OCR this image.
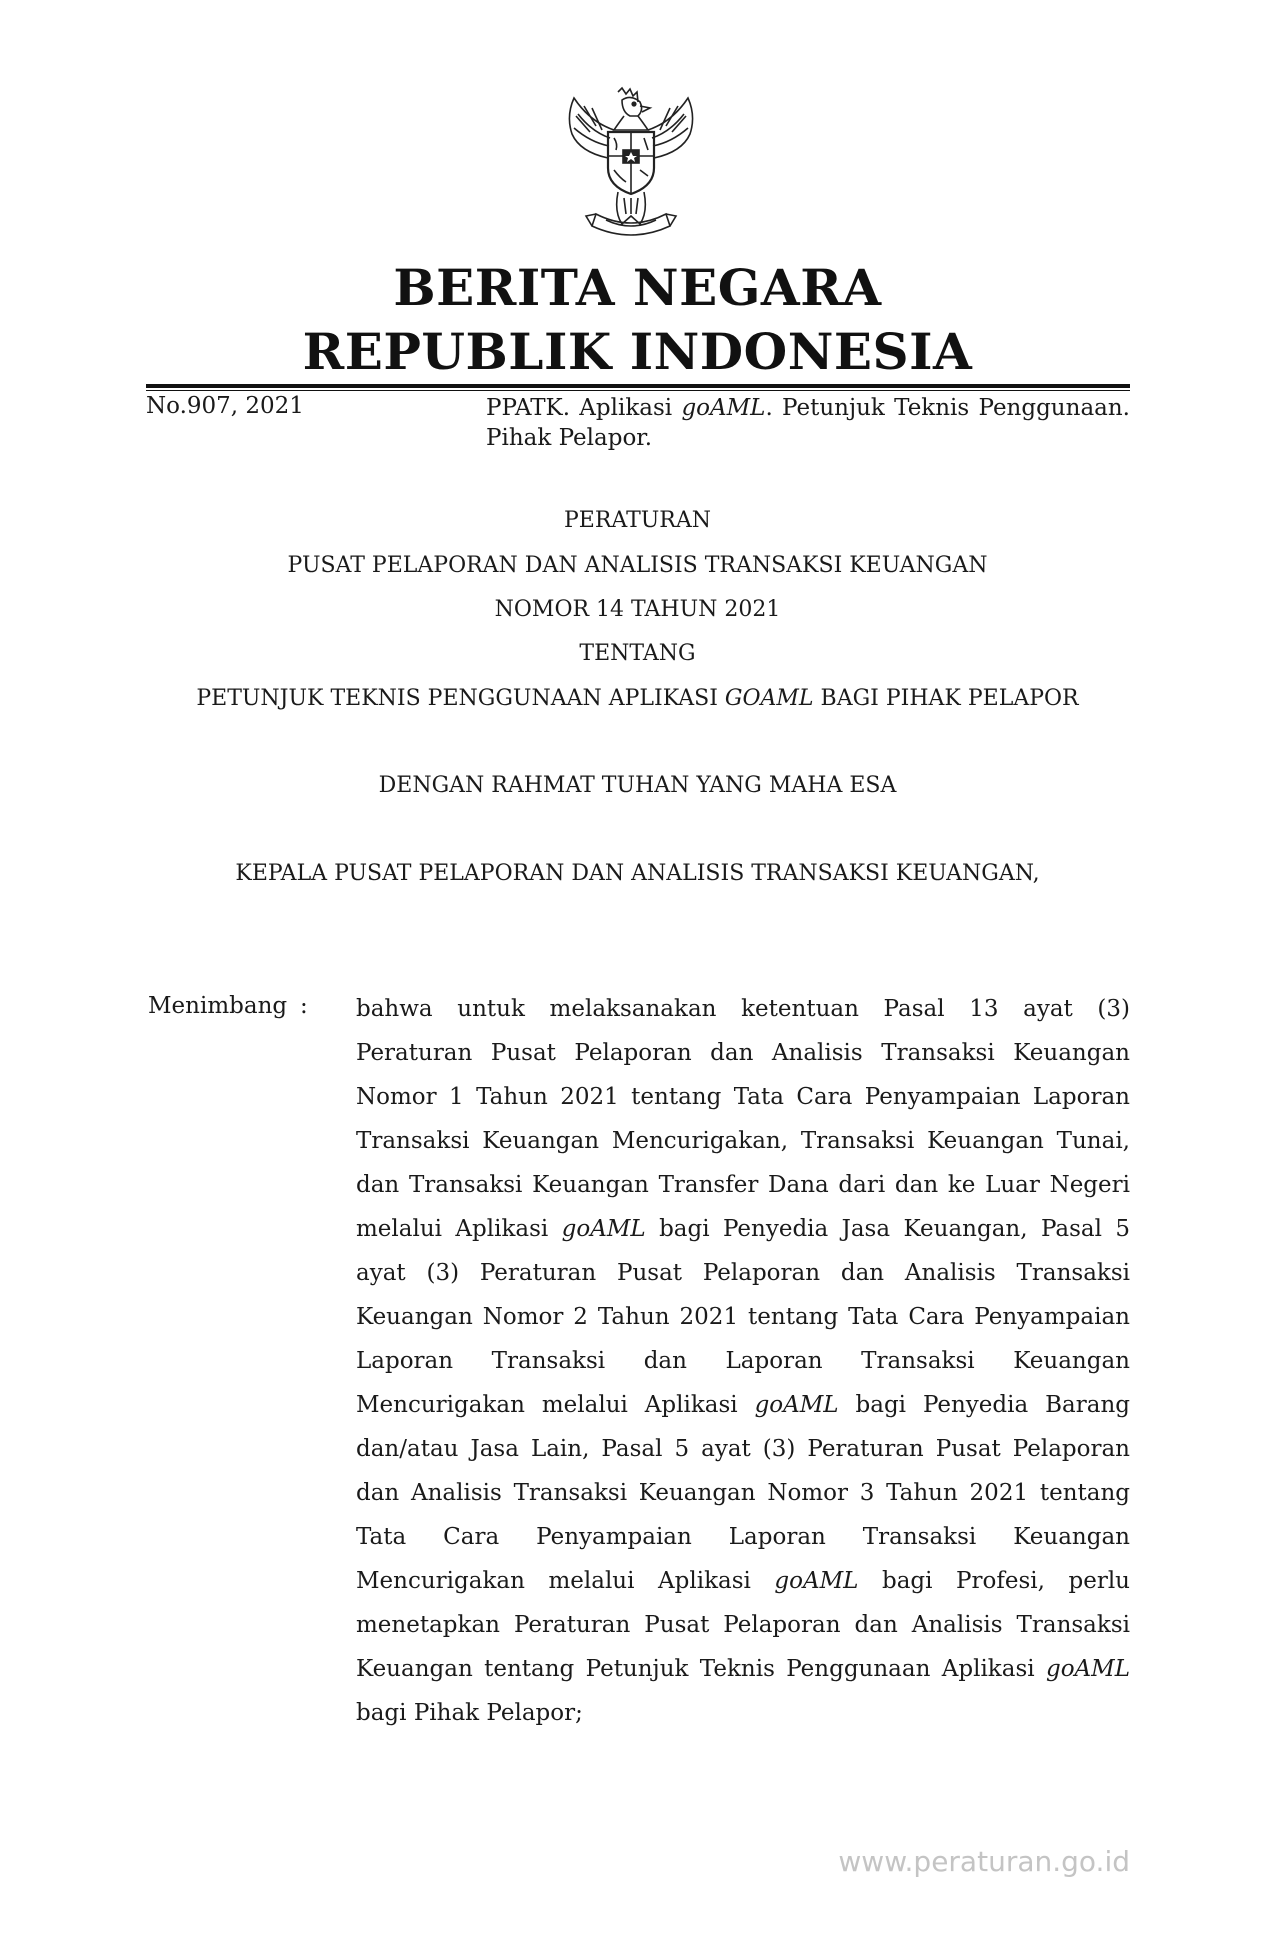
BERITA NEGARA
REPUBLIK INDONESIA
No.907, 2021	PPATK. Aplikasi goAML. Petunjuk Teknis Penggunaan. Pihak Pelapor.
PERATURAN
PUSAT PELAPORAN DAN ANALISIS TRANSAKSI KEUANGAN
NOMOR 14 TAHUN 2021
TENTANG
PETUNJUK TEKNIS PENGGUNAAN APLIKASI GOAML BAGI PIHAK PELAPOR
DENGAN RAHMAT TUHAN YANG MAHA ESA
KEPALA PUSAT PELAPORAN DAN ANALISIS TRANSAKSI KEUANGAN,
Menimbang : bahwa untuk melaksanakan ketentuan Pasal 13 ayat (3) Peraturan Pusat Pelaporan dan Analisis Transaksi Keuangan Nomor 1 Tahun 2021 tentang Tata Cara Penyampaian Laporan Transaksi Keuangan Mencurigakan, Transaksi Keuangan Tunai, dan Transaksi Keuangan Transfer Dana dari dan ke Luar Negeri melalui Aplikasi goAML bagi Penyedia Jasa Keuangan, Pasal 5 ayat (3) Peraturan Pusat Pelaporan dan Analisis Transaksi Keuangan Nomor 2 Tahun 2021 tentang Tata Cara Penyampaian Laporan Transaksi dan Laporan Transaksi Keuangan Mencurigakan melalui Aplikasi goAML bagi Penyedia Barang dan/atau Jasa Lain, Pasal 5 ayat (3) Peraturan Pusat Pelaporan dan Analisis Transaksi Keuangan Nomor 3 Tahun 2021 tentang Tata Cara Penyampaian Laporan Transaksi Keuangan Mencurigakan melalui Aplikasi goAML bagi Profesi, perlu menetapkan Peraturan Pusat Pelaporan dan Analisis Transaksi Keuangan tentang Petunjuk Teknis Penggunaan Aplikasi goAML bagi Pihak Pelapor;
www.peraturan.go.id
